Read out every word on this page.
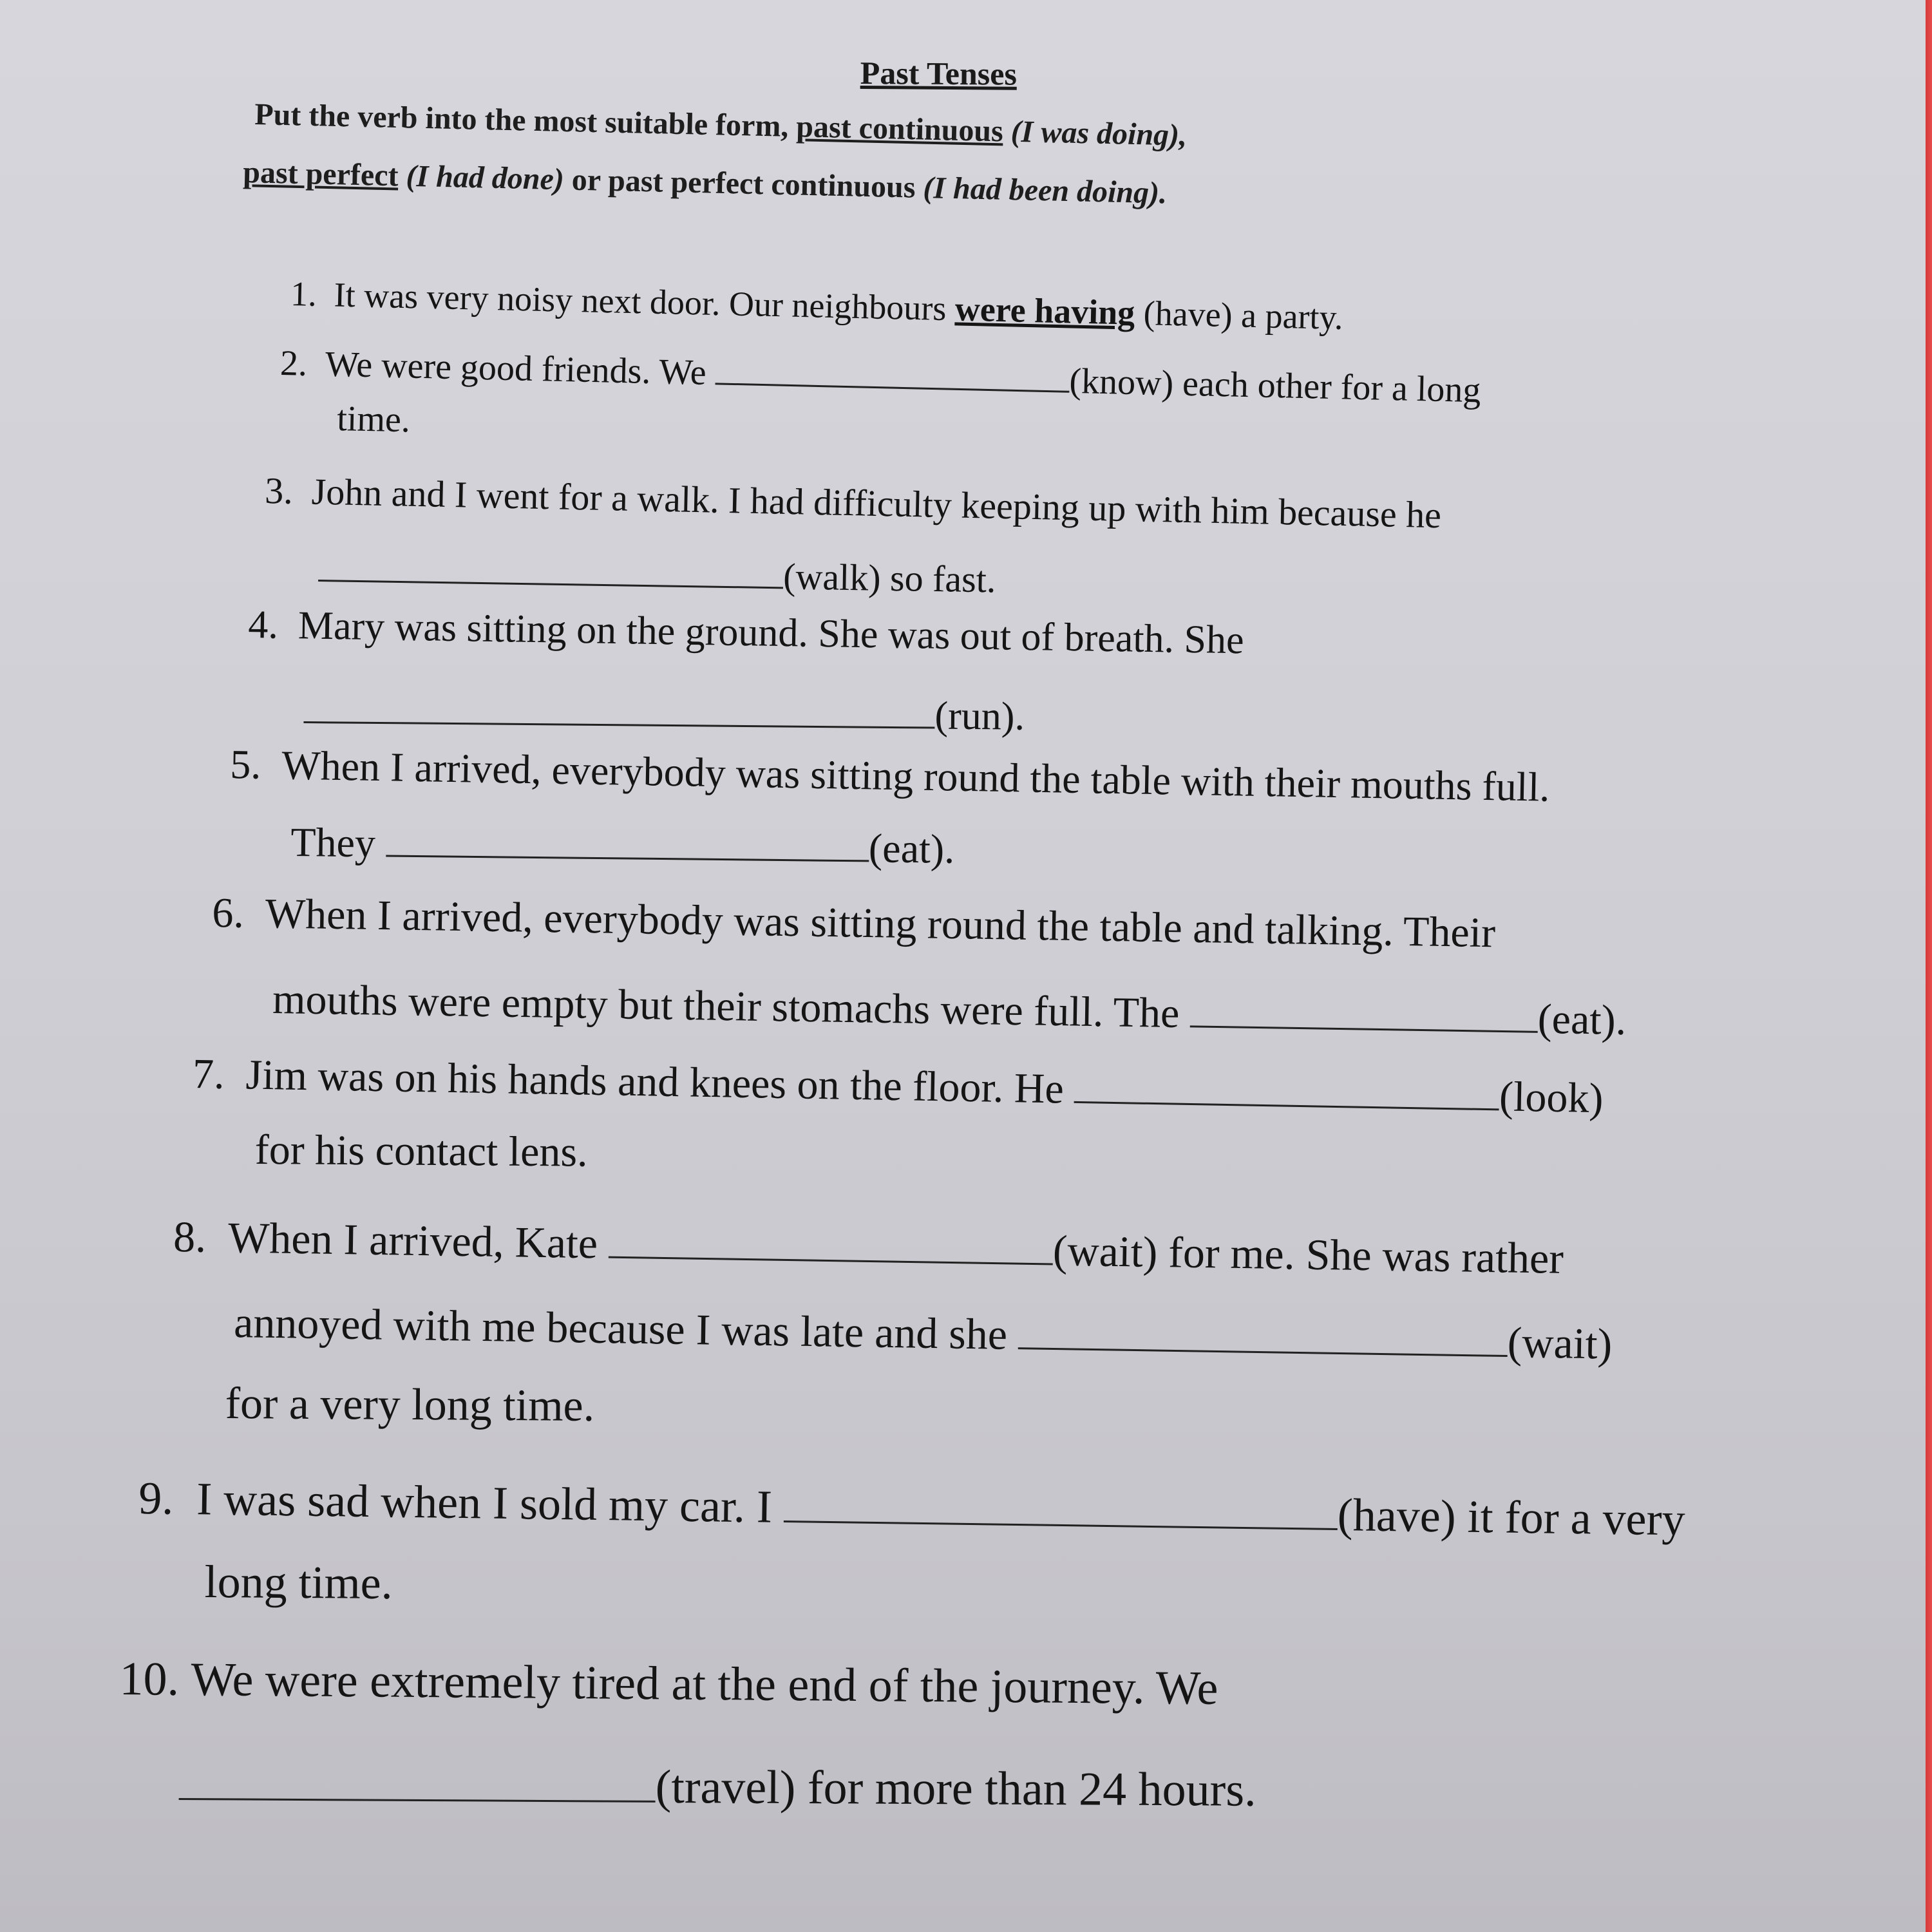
Past Tenses
Put the verb into the most suitable form, past continuous (I was doing),
past perfect (I had done) or past perfect continuous (I had been doing).
1. It was very noisy next door. Our neighbours were having (have) a party.
2. We were good friends. We	(know) each other for a long
time.
3. John and I went for a walk. I had difficulty keeping up with him because he
(walk) so fast.
4. Mary was sitting on the ground. She was out of breath. She
(run).
5. When I arrived, everybody was sitting round the table with their mouths full.
They	(eat).
6. When I arrived, everybody was sitting round the table and talking. Their
mouths were empty but their stomachs were full. The	(eat).
7. Jim was on his hands and knees on the floor. He	(look)
for his contact lens.
8. When I arrived, Kate	(wait) for me. She was rather
annoyed with me because I was late and she	(wait)
for a very long time.
9. I was sad when I sold my car. I	(have) it for a very
long time.
10. We were extremely tired at the end of the journey. We
(travel) for more than 24 hours.
